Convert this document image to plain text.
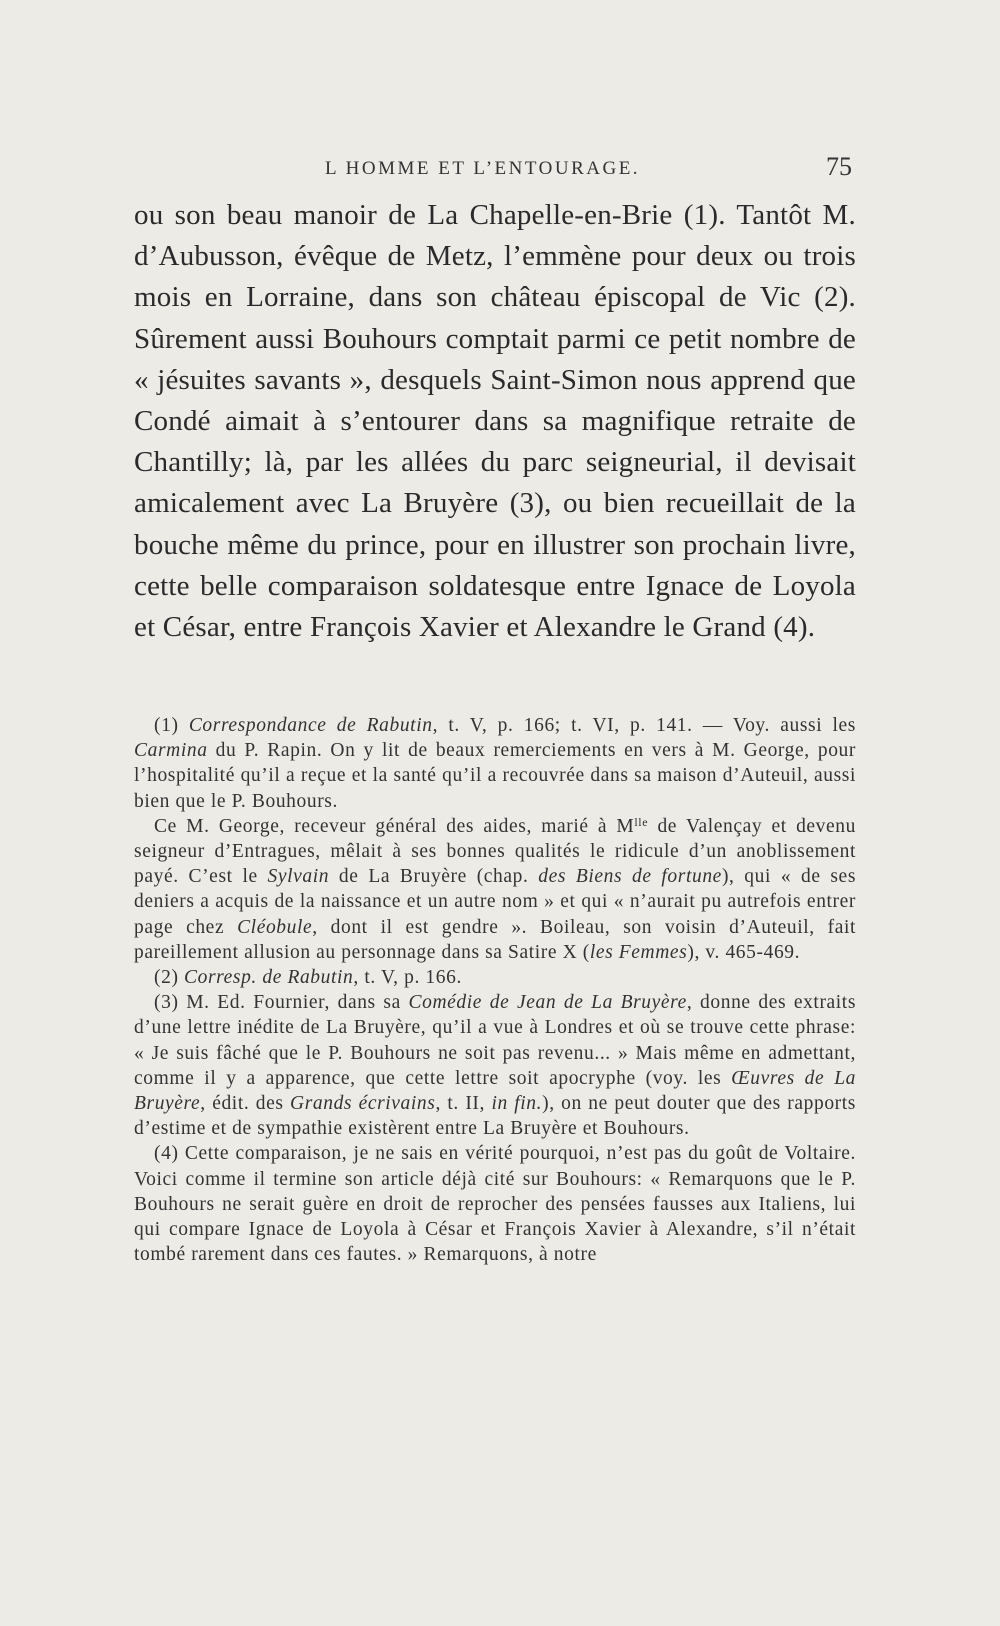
L HOMME ET L’ENTOURAGE.	75

ou son beau manoir de La Chapelle-en-Brie (1). Tantôt M. d’Aubusson, évêque de Metz, l’emmène pour deux ou trois mois en Lorraine, dans son château épiscopal de Vic (2). Sûrement aussi Bouhours comptait parmi ce petit nombre de « jésuites savants », desquels Saint-Simon nous apprend que Condé aimait à s’entourer dans sa magnifique retraite de Chantilly; là, par les allées du parc seigneurial, il devisait amicalement avec La Bruyère (3), ou bien recueillait de la bouche même du prince, pour en illustrer son prochain livre, cette belle comparaison soldatesque entre Ignace de Loyola et César, entre François Xavier et Alexandre le Grand (4).

(1) Correspondance de Rabutin, t. V, p. 166; t. VI, p. 141. — Voy. aussi les Carmina du P. Rapin. On y lit de beaux remerciements en vers à M. George, pour l’hospitalité qu’il a reçue et la santé qu’il a recouvrée dans sa maison d’Auteuil, aussi bien que le P. Bouhours.

Ce M. George, receveur général des aides, marié à $M^{lle}$ de Valençay et devenu seigneur d’Entragues, mêlait à ses bonnes qualités le ridicule d’un anoblissement payé. C’est le Sylvain de La Bruyère (chap. des Biens de fortune), qui « de ses deniers a acquis de la naissance et un autre nom » et qui « n’aurait pu autrefois entrer page chez Cléobule, dont il est gendre ». Boileau, son voisin d’Auteuil, fait pareillement allusion au personnage dans sa Satire X (les Femmes), v. 465-469.

(2) Corresp. de Rabutin, t. V, p. 166.

(3) M. Ed. Fournier, dans sa Comédie de Jean de La Bruyère, donne des extraits d’une lettre inédite de La Bruyère, qu’il a vue à Londres et où se trouve cette phrase: « Je suis fâché que le P. Bouhours ne soit pas revenu... » Mais même en admettant, comme il y a apparence, que cette lettre soit apocryphe (voy. les Œuvres de La Bruyère, édit. des Grands écrivains, t. II, in fin.), on ne peut douter que des rapports d’estime et de sympathie existèrent entre La Bruyère et Bouhours.

(4) Cette comparaison, je ne sais en vérité pourquoi, n’est pas du goût de Voltaire. Voici comme il termine son article déjà cité sur Bouhours: « Remarquons que le P. Bouhours ne serait guère en droit de reprocher des pensées fausses aux Italiens, lui qui compare Ignace de Loyola à César et François Xavier à Alexandre, s’il n’était tombé rarement dans ces fautes. » Remarquons, à notre
